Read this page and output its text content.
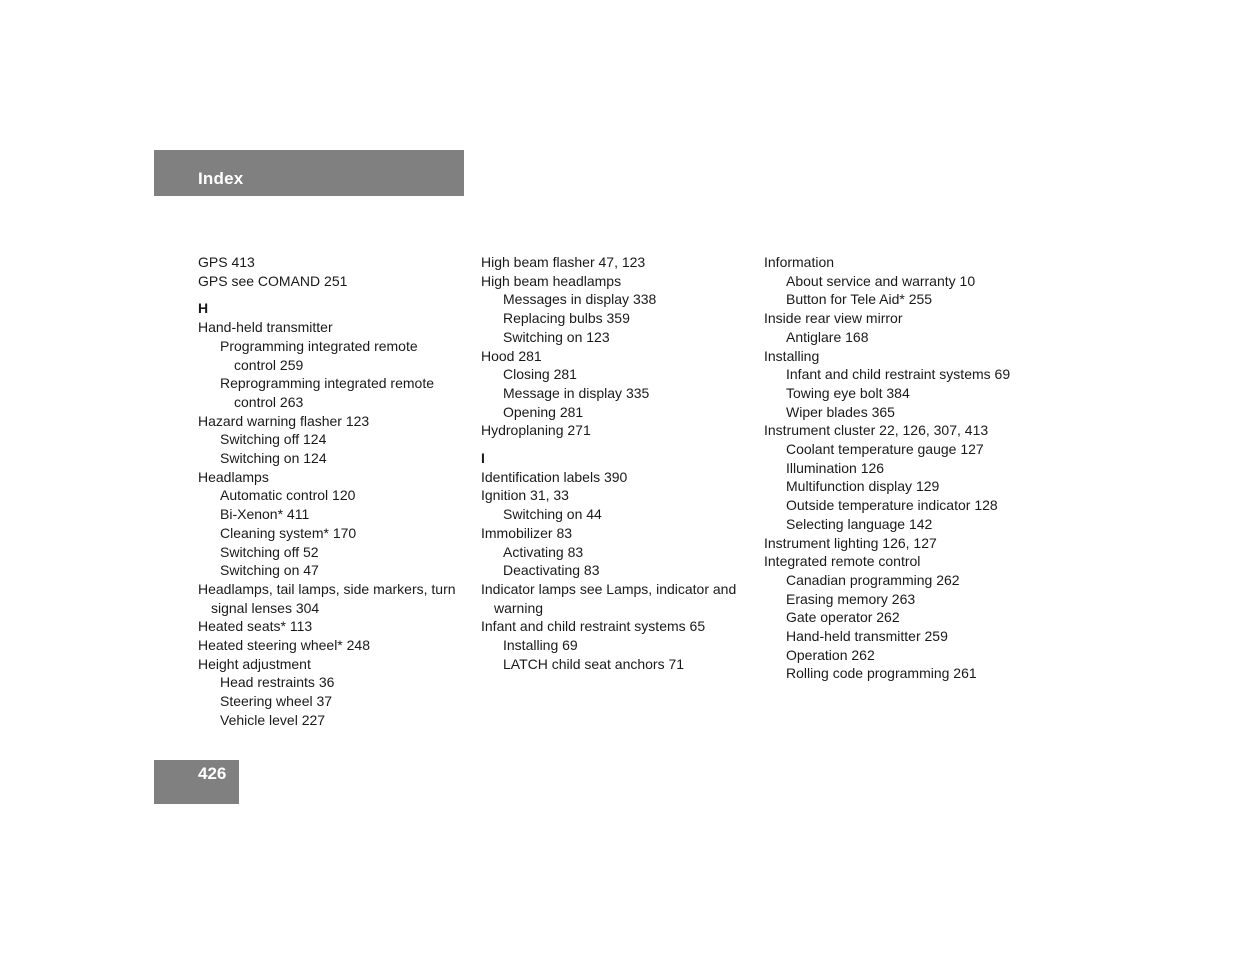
Index
GPS 413
GPS see COMAND 251
H
Hand-held transmitter
Programming integrated remote
control 259
Reprogramming integrated remote
control 263
Hazard warning flasher 123
Switching off 124
Switching on 124
Headlamps
Automatic control 120
Bi-Xenon* 411
Cleaning system* 170
Switching off 52
Switching on 47
Headlamps, tail lamps, side markers, turn
signal lenses 304
Heated seats* 113
Heated steering wheel* 248
Height adjustment
Head restraints 36
Steering wheel 37
Vehicle level 227
High beam flasher 47, 123
High beam headlamps
Messages in display 338
Replacing bulbs 359
Switching on 123
Hood 281
Closing 281
Message in display 335
Opening 281
Hydroplaning 271
I
Identification labels 390
Ignition 31, 33
Switching on 44
Immobilizer 83
Activating 83
Deactivating 83
Indicator lamps see Lamps, indicator and
warning
Infant and child restraint systems 65
Installing 69
LATCH child seat anchors 71
Information
About service and warranty 10
Button for Tele Aid* 255
Inside rear view mirror
Antiglare 168
Installing
Infant and child restraint systems 69
Towing eye bolt 384
Wiper blades 365
Instrument cluster 22, 126, 307, 413
Coolant temperature gauge 127
Illumination 126
Multifunction display 129
Outside temperature indicator 128
Selecting language 142
Instrument lighting 126, 127
Integrated remote control
Canadian programming 262
Erasing memory 263
Gate operator 262
Hand-held transmitter 259
Operation 262
Rolling code programming 261
426
